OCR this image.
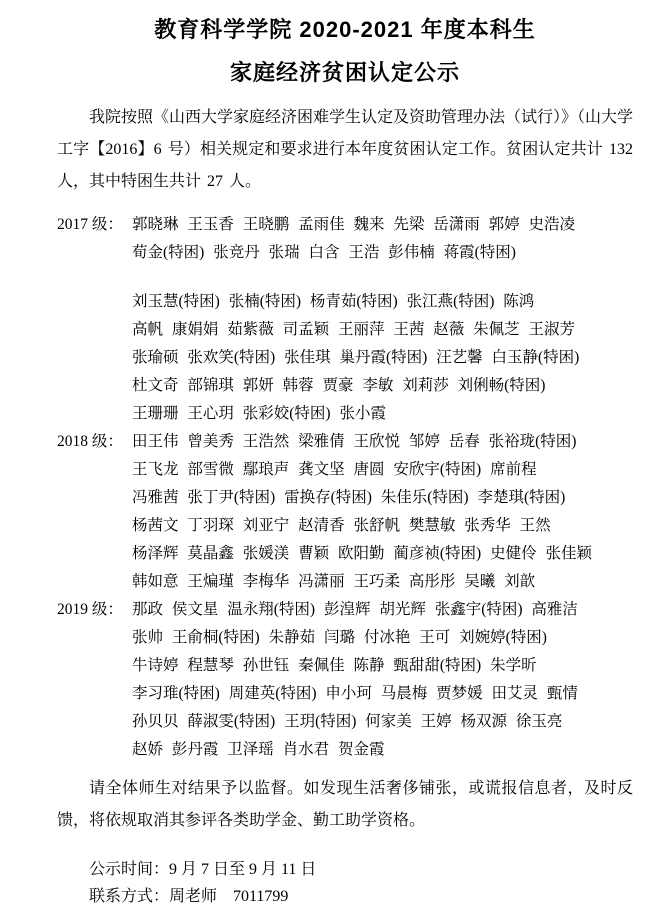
教育科学学院 2020-2021 年度本科生
家庭经济贫困认定公示

我院按照《山西大学家庭经济困难学生认定及资助管理办法（试行）》（山大学工字【2016】6 号）相关规定和要求进行本年度贫困认定工作。贫困认定共计 132 人，其中特困生共计 27 人。

2017 级： 郭晓琳 王玉香 王晓鹏 孟雨佳 魏来 先梁 岳潇雨 郭婷 史浩凌
荀金(特困) 张竞丹 张瑞 白含 王浩 彭伟楠 蒋霞(特困)
刘玉慧(特困) 张楠(特困) 杨青茹(特困) 张江燕(特困) 陈鸿
高帆 康娟娟 茹紫薇 司孟颖 王丽萍 王茜 赵薇 朱佩芝 王淑芳
张瑜硕 张欢笑(特困) 张佳琪 巢丹霞(特困) 汪艺馨 白玉静(特困)
杜文奇 部锦琪 郭妍 韩蓉 贾豪 李敏 刘莉莎 刘俐畅(特困)
王珊珊 王心玥 张彩姣(特困) 张小霞
2018 级： 田王伟 曾美秀 王浩然 梁雅倩 王欣悦 邹婷 岳春 张裕珑(特困)
王飞龙 部雪微 鄢琅声 龚文坚 唐圆 安欣宇(特困) 席前程
冯雅茜 张丁尹(特困) 雷换存(特困) 朱佳乐(特困) 李楚琪(特困)
杨茜文 丁羽琛 刘亚宁 赵清香 张舒帆 樊慧敏 张秀华 王然
杨泽辉 莫晶鑫 张媛渼 曹颖 欧阳勤 蔺彦祯(特困) 史健伶 张佳颖
韩如意 王煸瑾 李梅华 冯潇丽 王巧柔 高彤彤 吴曦 刘歆
2019 级： 那政 侯文星 温永翔(特困) 彭湟辉 胡光辉 张鑫宇(特困) 高雅洁
张帅 王俞桐(特困) 朱静茹 闫璐 付冰艳 王可 刘婉婷(特困)
牛诗婷 程慧琴 孙世钰 秦佩佳 陈静 甄甜甜(特困) 朱学昕
李习琟(特困) 周建英(特困) 申小珂 马晨梅 贾梦媛 田艾灵 甄情
孙贝贝 薛淑雯(特困) 王玥(特困) 何家美 王婷 杨双源 徐玉亮
赵娇 彭丹霞 卫泽瑶 肖水君 贺金霞

请全体师生对结果予以监督。如发现生活奢侈铺张，或谎报信息者，及时反馈，将依规取消其参评各类助学金、勤工助学资格。

公示时间：9 月 7 日至 9 月 11 日

联系方式：周老师　7011799
